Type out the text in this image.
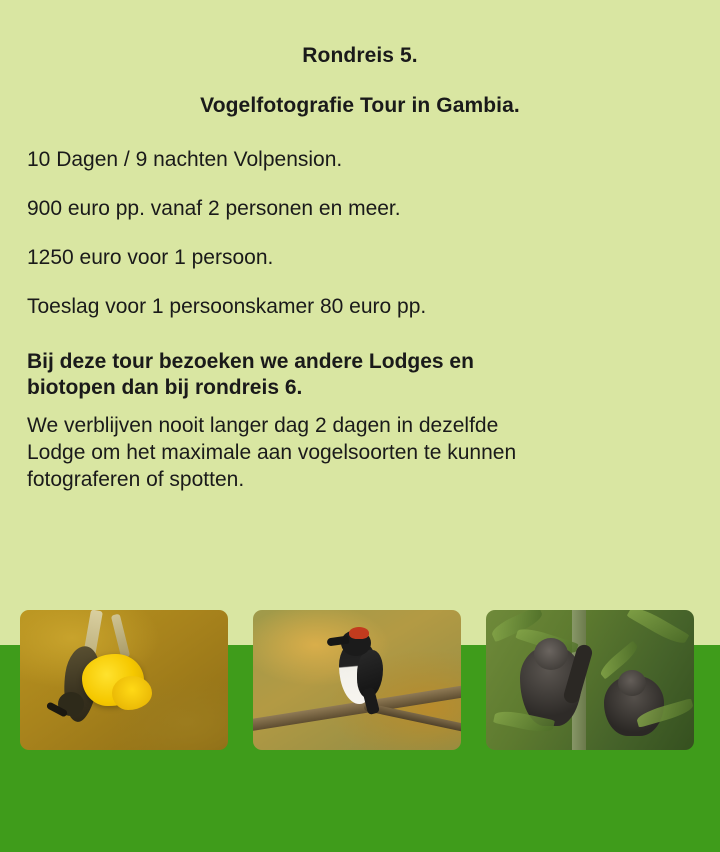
Rondreis 5.
Vogelfotografie Tour in Gambia.
10 Dagen / 9 nachten Volpension.
900 euro pp. vanaf 2 personen en meer.
1250 euro voor 1 persoon.
Toeslag voor 1 persoonskamer 80 euro pp.
Bij deze tour bezoeken we andere Lodges en
biotopen dan bij rondreis 6.
We verblijven nooit langer dag 2 dagen in dezelfde
Lodge om het maximale aan vogelsoorten te kunnen
fotograferen of spotten.
